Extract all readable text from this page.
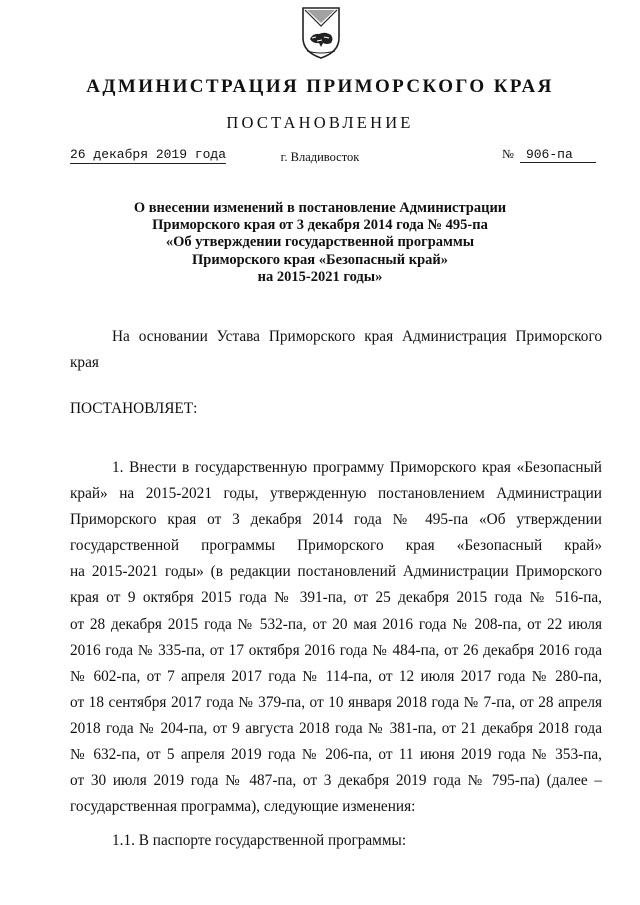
АДМИНИСТРАЦИЯ ПРИМОРСКОГО КРАЯ
ПОСТАНОВЛЕНИЕ
26 декабря 2019 года	г. Владивосток	№ 906-па
О внесении изменений в постановление Администрации
Приморского края от 3 декабря 2014 года № 495-па
«Об утверждении государственной программы
Приморского края «Безопасный край»
на 2015-2021 годы»
На основании Устава Приморского края Администрация Приморского
края
ПОСТАНОВЛЯЕТ:
1. Внести в государственную программу Приморского края «Безопасный
край» на 2015-2021 годы, утвержденную постановлением Администрации
Приморского края от 3 декабря 2014 года № 495-па «Об утверждении
государственной программы Приморского края «Безопасный край»
на 2015-2021 годы» (в редакции постановлений Администрации Приморского
края от 9 октября 2015 года № 391-па, от 25 декабря 2015 года № 516-па,
от 28 декабря 2015 года № 532-па, от 20 мая 2016 года № 208-па, от 22 июля
2016 года № 335-па, от 17 октября 2016 года № 484-па, от 26 декабря 2016 года
№ 602-па, от 7 апреля 2017 года № 114-па, от 12 июля 2017 года № 280-па,
от 18 сентября 2017 года № 379-па, от 10 января 2018 года № 7-па, от 28 апреля
2018 года № 204-па, от 9 августа 2018 года № 381-па, от 21 декабря 2018 года
№ 632-па, от 5 апреля 2019 года № 206-па, от 11 июня 2019 года № 353-па,
от 30 июля 2019 года № 487-па, от 3 декабря 2019 года № 795-па) (далее –
государственная программа), следующие изменения:
1.1. В паспорте государственной программы:
